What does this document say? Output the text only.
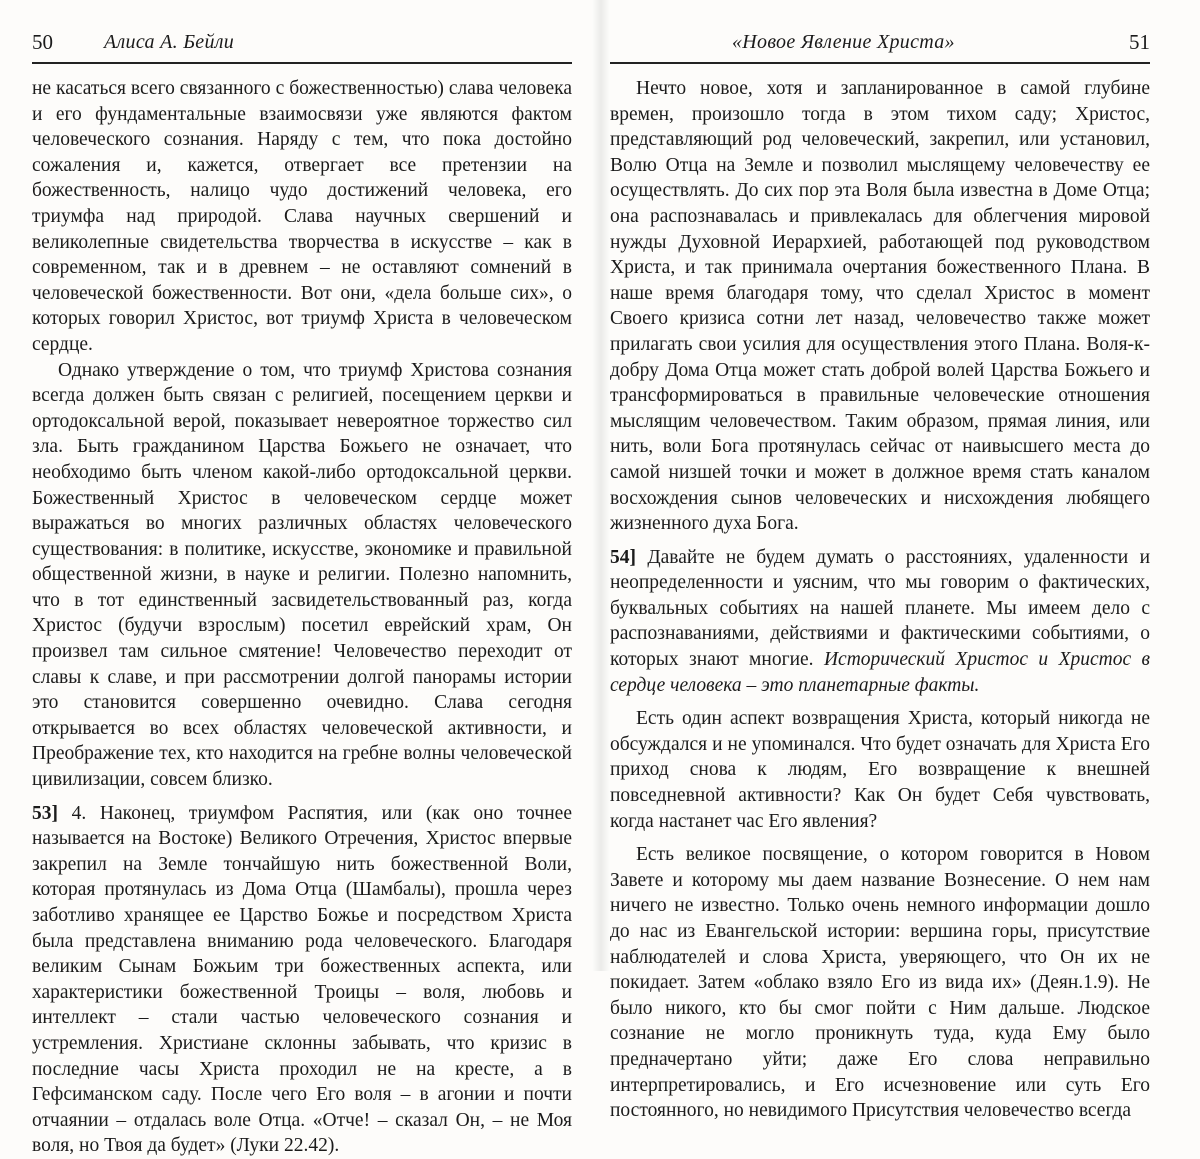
50	Алиса А. Бейли

не касаться всего связанного с божественностью) слава человека и его фундаментальные взаимосвязи уже являются фактом человеческого сознания. Наряду с тем, что пока достойно сожаления и, кажется, отвергает все претензии на божественность, налицо чудо достижений человека, его триумфа над природой. Слава научных свершений и великолепные свидетельства творчества в искусстве – как в современном, так и в древнем – не оставляют сомнений в человеческой божественности. Вот они, «дела больше сих», о которых говорил Христос, вот триумф Христа в человеческом сердце.

Однако утверждение о том, что триумф Христова сознания всегда должен быть связан с религией, посещением церкви и ортодоксальной верой, показывает невероятное торжество сил зла. Быть гражданином Царства Божьего не означает, что необходимо быть членом какой-либо ортодоксальной церкви. Божественный Христос в человеческом сердце может выражаться во многих различных областях человеческого существования: в политике, искусстве, экономике и правильной общественной жизни, в науке и религии. Полезно напомнить, что в тот единственный засвидетельствованный раз, когда Христос (будучи взрослым) посетил еврейский храм, Он произвел там сильное смятение! Человечество переходит от славы к славе, и при рассмотрении долгой панорамы истории это становится совершенно очевидно. Слава сегодня открывается во всех областях человеческой активности, и Преображение тех, кто находится на гребне волны человеческой цивилизации, совсем близко.

53] 4. Наконец, триумфом Распятия, или (как оно точнее называется на Востоке) Великого Отречения, Христос впервые закрепил на Земле тончайшую нить божественной Воли, которая протянулась из Дома Отца (Шамбалы), прошла через заботливо хранящее ее Царство Божье и посредством Христа была представлена вниманию рода человеческого. Благодаря великим Сынам Божьим три божественных аспекта, или характеристики божественной Троицы – воля, любовь и интеллект – стали частью человеческого сознания и устремления. Христиане склонны забывать, что кризис в последние часы Христа проходил не на кресте, а в Гефсиманском саду. После чего Его воля – в агонии и почти отчаянии – отдалась воле Отца. «Отче! – сказал Он, – не Моя воля, но Твоя да будет» (Луки 22.42).

«Новое Явление Христа»	51

Нечто новое, хотя и запланированное в самой глубине времен, произошло тогда в этом тихом саду; Христос, представляющий род человеческий, закрепил, или установил, Волю Отца на Земле и позволил мыслящему человечеству ее осуществлять. До сих пор эта Воля была известна в Доме Отца; она распознавалась и привлекалась для облегчения мировой нужды Духовной Иерархией, работающей под руководством Христа, и так принимала очертания божественного Плана. В наше время благодаря тому, что сделал Христос в момент Своего кризиса сотни лет назад, человечество также может прилагать свои усилия для осуществления этого Плана. Воля-к-добру Дома Отца может стать доброй волей Царства Божьего и трансформироваться в правильные человеческие отношения мыслящим человечеством. Таким образом, прямая линия, или нить, воли Бога протянулась сейчас от наивысшего места до самой низшей точки и может в должное время стать каналом восхождения сынов человеческих и нисхождения любящего жизненного духа Бога.

54] Давайте не будем думать о расстояниях, удаленности и неопределенности и уясним, что мы говорим о фактических, буквальных событиях на нашей планете. Мы имеем дело с распознаваниями, действиями и фактическими событиями, о которых знают многие. Исторический Христос и Христос в сердце человека – это планетарные факты.

Есть один аспект возвращения Христа, который никогда не обсуждался и не упоминался. Что будет означать для Христа Его приход снова к людям, Его возвращение к внешней повседневной активности? Как Он будет Себя чувствовать, когда настанет час Его явления?

Есть великое посвящение, о котором говорится в Новом Завете и которому мы даем название Вознесение. О нем нам ничего не известно. Только очень немного информации дошло до нас из Евангельской истории: вершина горы, присутствие наблюдателей и слова Христа, уверяющего, что Он их не покидает. Затем «облако взяло Его из вида их» (Деян.1.9). Не было никого, кто бы смог пойти с Ним дальше. Людское сознание не могло проникнуть туда, куда Ему было предначертано уйти; даже Его слова неправильно интерпретировались, и Его исчезновение или суть Его постоянного, но невидимого Присутствия человечество всегда
